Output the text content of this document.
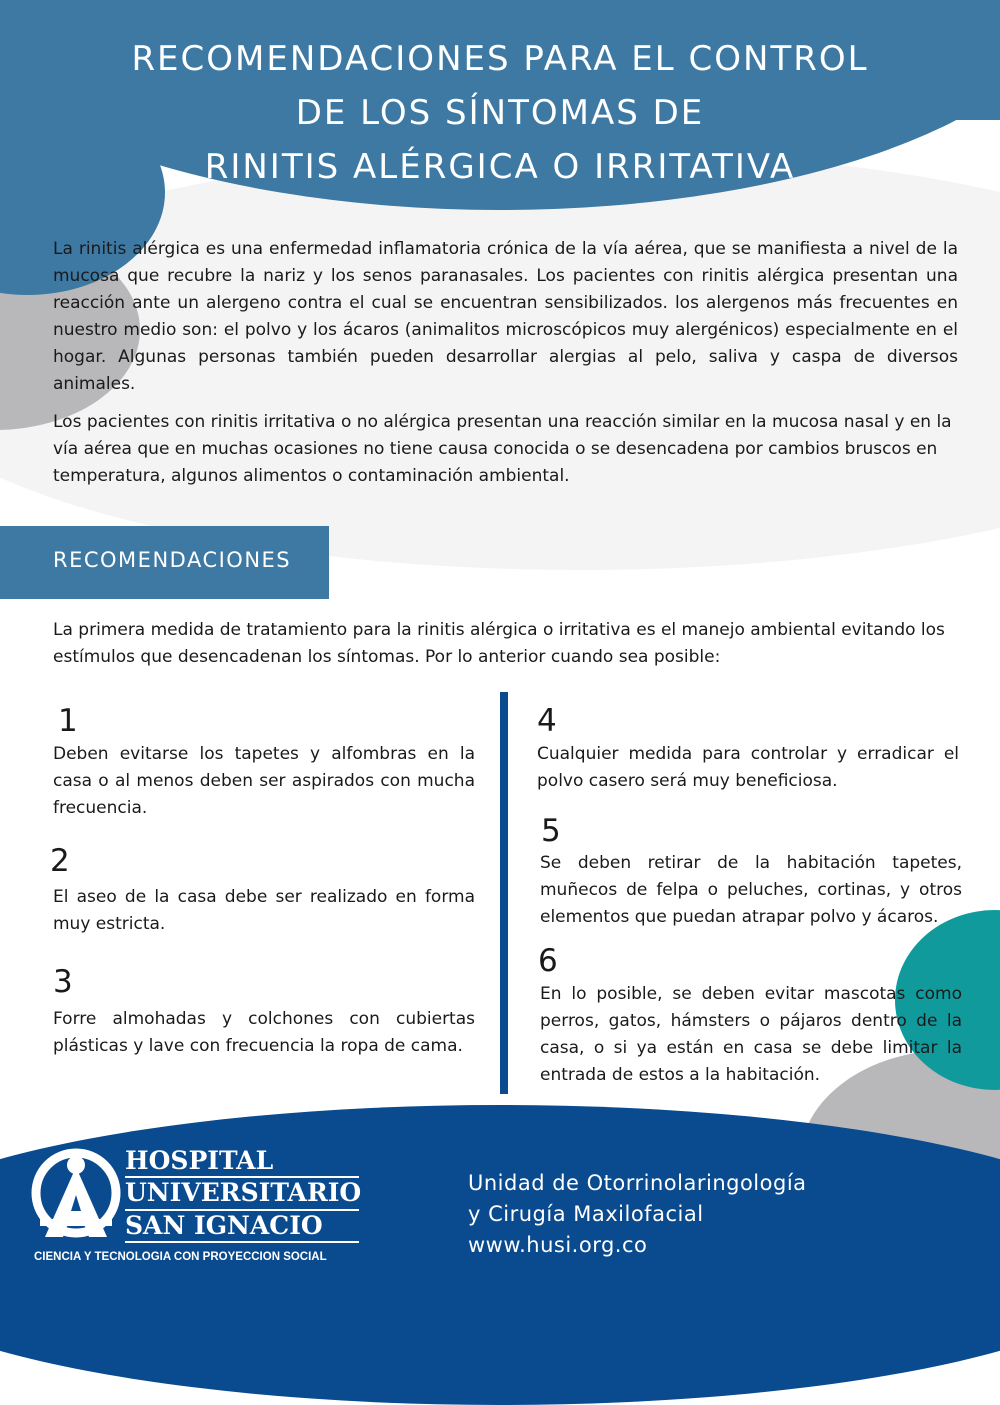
RECOMENDACIONES PARA EL CONTROL
DE LOS SÍNTOMAS DE
RINITIS ALÉRGICA O IRRITATIVA

La rinitis alérgica es una enfermedad inflamatoria crónica de la vía aérea, que se manifiesta a nivel de la mucosa que recubre la nariz y los senos paranasales. Los pacientes con rinitis alérgica presentan una reacción ante un alergeno contra el cual se encuentran sensibilizados. los alergenos más frecuentes en nuestro medio son: el polvo y los ácaros (animalitos microscópicos muy alergénicos) especialmente en el hogar. Algunas personas también pueden desarrollar alergias al pelo, saliva y caspa de diversos animales.

Los pacientes con rinitis irritativa o no alérgica presentan una reacción similar en la mucosa nasal y en la vía aérea que en muchas ocasiones no tiene causa conocida o se desencadena por cambios bruscos en temperatura, algunos alimentos o contaminación ambiental.

RECOMENDACIONES

La primera medida de tratamiento para la rinitis alérgica o irritativa es el manejo ambiental evitando los estímulos que desencadenan los síntomas. Por lo anterior cuando sea posible:

1

Deben evitarse los tapetes y alfombras en la casa o al menos deben ser aspirados con mucha frecuencia.

2

El aseo de la casa debe ser realizado en forma muy estricta.

3

Forre almohadas y colchones con cubiertas plásticas y lave con frecuencia la ropa de cama.

4

Cualquier medida para controlar y erradicar el polvo casero será muy beneficiosa.

5

Se deben retirar de la habitación tapetes, muñecos de felpa o peluches, cortinas, y otros elementos que puedan atrapar polvo y ácaros.

6

En lo posible, se deben evitar mascotas como perros, gatos, hámsters o pájaros dentro de la casa, o si ya están en casa se debe limitar la entrada de estos a la habitación.

HOSPITAL
UNIVERSITARIO
SAN IGNACIO
CIENCIA Y TECNOLOGIA CON PROYECCION SOCIAL
Unidad de Otorrinolaringología
y Cirugía Maxilofacial
www.husi.org.co
